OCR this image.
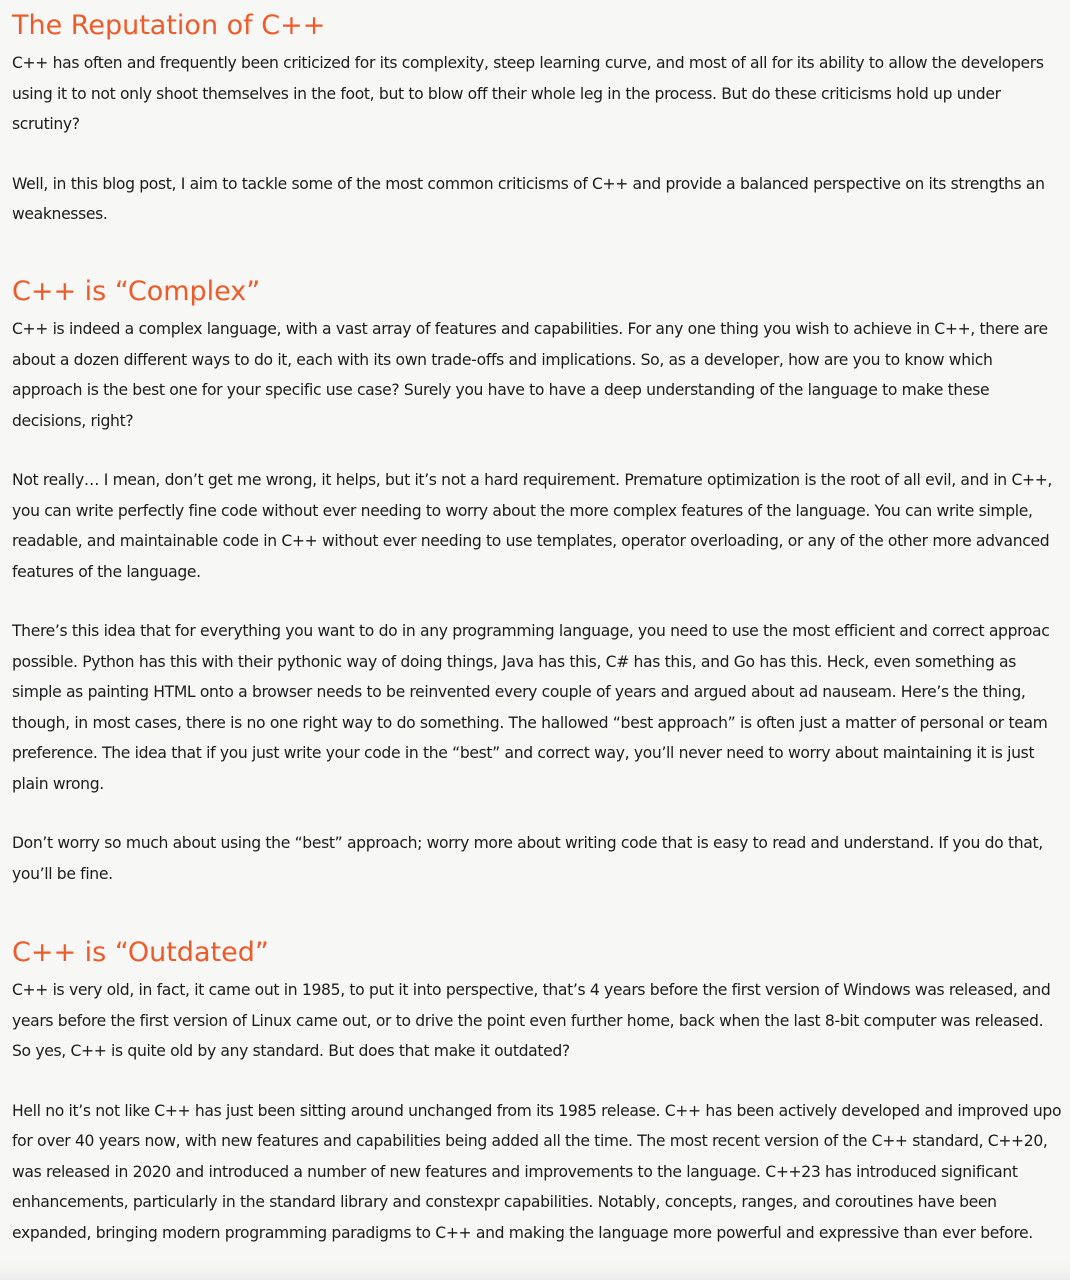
The Reputation of C++
C++ has often and frequently been criticized for its complexity, steep learning curve, and most of all for its ability to allow the developers
using it to not only shoot themselves in the foot, but to blow off their whole leg in the process. But do these criticisms hold up under
scrutiny?
Well, in this blog post, I aim to tackle some of the most common criticisms of C++ and provide a balanced perspective on its strengths an
weaknesses.
C++ is “Complex”
C++ is indeed a complex language, with a vast array of features and capabilities. For any one thing you wish to achieve in C++, there are
about a dozen different ways to do it, each with its own trade-offs and implications. So, as a developer, how are you to know which
approach is the best one for your specific use case? Surely you have to have a deep understanding of the language to make these
decisions, right?
Not really… I mean, don’t get me wrong, it helps, but it’s not a hard requirement. Premature optimization is the root of all evil, and in C++,
you can write perfectly fine code without ever needing to worry about the more complex features of the language. You can write simple,
readable, and maintainable code in C++ without ever needing to use templates, operator overloading, or any of the other more advanced
features of the language.
There’s this idea that for everything you want to do in any programming language, you need to use the most efficient and correct approac
possible. Python has this with their pythonic way of doing things, Java has this, C# has this, and Go has this. Heck, even something as
simple as painting HTML onto a browser needs to be reinvented every couple of years and argued about ad nauseam. Here’s the thing,
though, in most cases, there is no one right way to do something. The hallowed “best approach” is often just a matter of personal or team
preference. The idea that if you just write your code in the “best” and correct way, you’ll never need to worry about maintaining it is just
plain wrong.
Don’t worry so much about using the “best” approach; worry more about writing code that is easy to read and understand. If you do that,
you’ll be fine.
C++ is “Outdated”
C++ is very old, in fact, it came out in 1985, to put it into perspective, that’s 4 years before the first version of Windows was released, and
years before the first version of Linux came out, or to drive the point even further home, back when the last 8-bit computer was released.
So yes, C++ is quite old by any standard. But does that make it outdated?
Hell no it’s not like C++ has just been sitting around unchanged from its 1985 release. C++ has been actively developed and improved upo
for over 40 years now, with new features and capabilities being added all the time. The most recent version of the C++ standard, C++20,
was released in 2020 and introduced a number of new features and improvements to the language. C++23 has introduced significant
enhancements, particularly in the standard library and constexpr capabilities. Notably, concepts, ranges, and coroutines have been
expanded, bringing modern programming paradigms to C++ and making the language more powerful and expressive than ever before.
